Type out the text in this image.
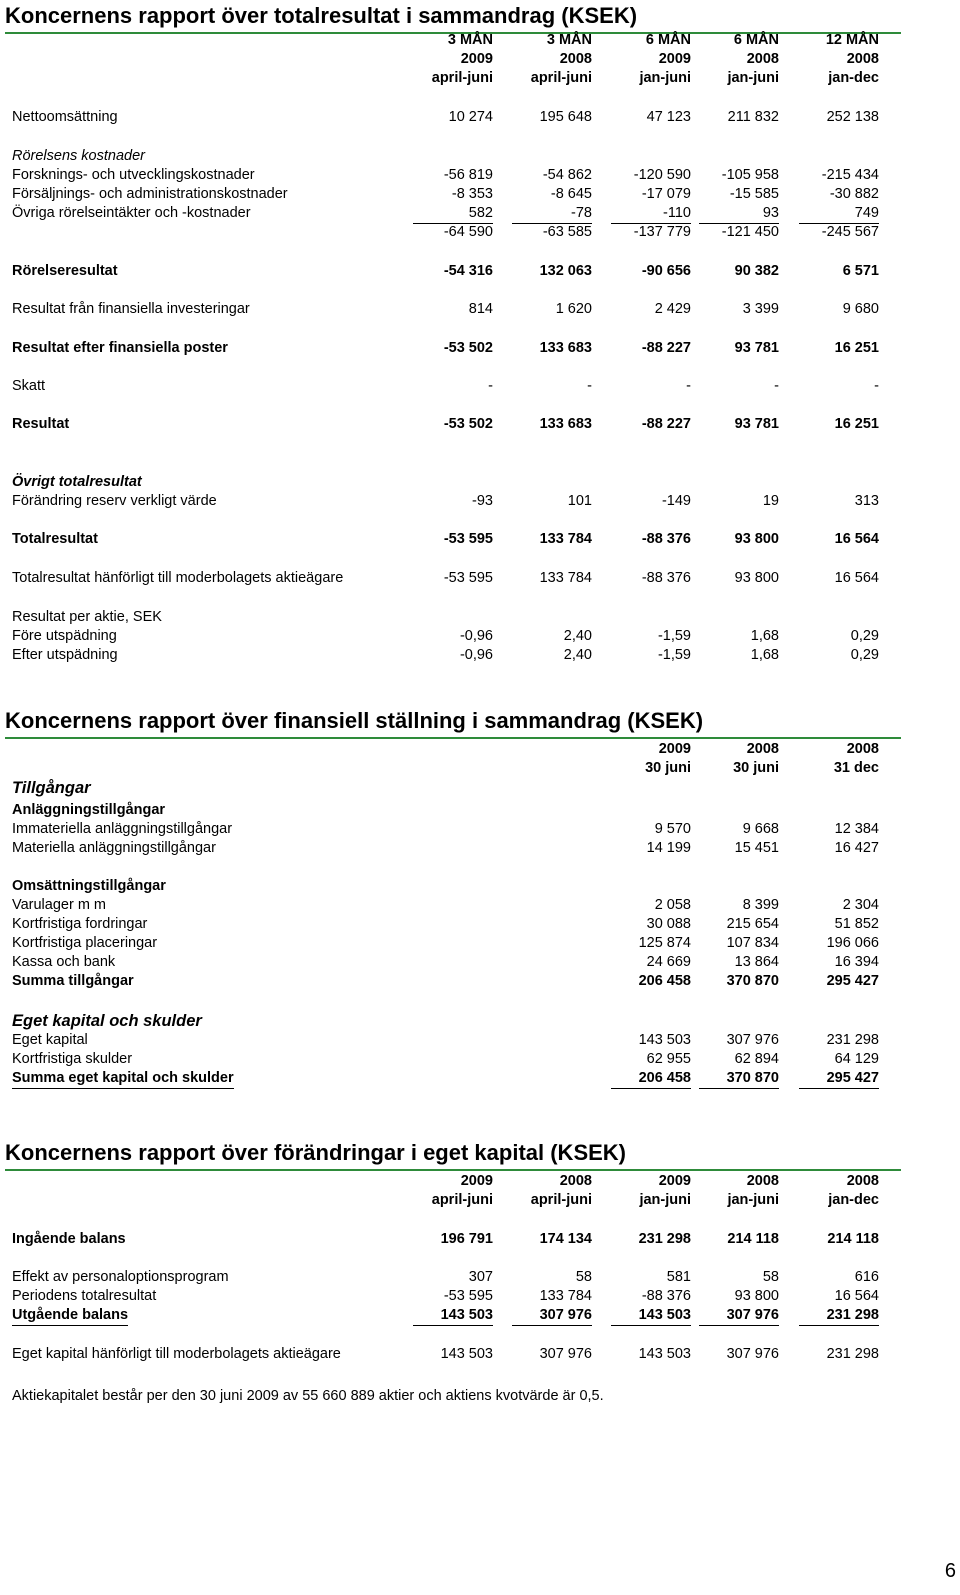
Koncernens rapport över totalresultat i sammandrag (KSEK)
3 MÅN	3 MÅN	6 MÅN	6 MÅN	12 MÅN
2009	2008	2009	2008	2008
april-juni	april-juni	jan-juni	jan-juni	jan-dec
Nettoomsättning	10 274	195 648	47 123	211 832	252 138
Rörelsens kostnader
Forsknings- och utvecklingskostnader	-56 819	-54 862	-120 590	-105 958	-215 434
Försäljnings- och administrationskostnader	-8 353	-8 645	-17 079	-15 585	-30 882
Övriga rörelseintäkter och -kostnader	582	-78	-110	93	749
-64 590	-63 585	-137 779	-121 450	-245 567
Rörelseresultat	-54 316	132 063	-90 656	90 382	6 571
Resultat från finansiella investeringar	814	1 620	2 429	3 399	9 680
Resultat efter finansiella poster	-53 502	133 683	-88 227	93 781	16 251
Skatt	-	-	-	-	-
Resultat	-53 502	133 683	-88 227	93 781	16 251
Övrigt totalresultat
Förändring reserv verkligt värde	-93	101	-149	19	313
Totalresultat	-53 595	133 784	-88 376	93 800	16 564
Totalresultat hänförligt till moderbolagets aktieägare	-53 595	133 784	-88 376	93 800	16 564
Resultat per aktie, SEK
Före utspädning	-0,96	2,40	-1,59	1,68	0,29
Efter utspädning	-0,96	2,40	-1,59	1,68	0,29
Koncernens rapport över finansiell ställning i sammandrag (KSEK)
2009	2008	2008
30 juni	30 juni	31 dec
Tillgångar
Anläggningstillgångar
Immateriella anläggningstillgångar	9 570	9 668	12 384
Materiella anläggningstillgångar	14 199	15 451	16 427
Omsättningstillgångar
Varulager m m	2 058	8 399	2 304
Kortfristiga fordringar	30 088	215 654	51 852
Kortfristiga placeringar	125 874	107 834	196 066
Kassa och bank	24 669	13 864	16 394
Summa tillgångar	206 458	370 870	295 427
Eget kapital och skulder
Eget kapital	143 503	307 976	231 298
Kortfristiga skulder	62 955	62 894	64 129
Summa eget kapital och skulder	206 458	370 870	295 427
Koncernens rapport över förändringar i eget kapital (KSEK)
2009	2008	2009	2008	2008
april-juni	april-juni	jan-juni	jan-juni	jan-dec
Ingående balans	196 791	174 134	231 298	214 118	214 118
Effekt av personaloptionsprogram	307	58	581	58	616
Periodens totalresultat	-53 595	133 784	-88 376	93 800	16 564
Utgående balans	143 503	307 976	143 503	307 976	231 298
Eget kapital hänförligt till moderbolagets aktieägare	143 503	307 976	143 503	307 976	231 298
Aktiekapitalet består per den 30 juni 2009 av 55 660 889 aktier och aktiens kvotvärde är 0,5.
6
